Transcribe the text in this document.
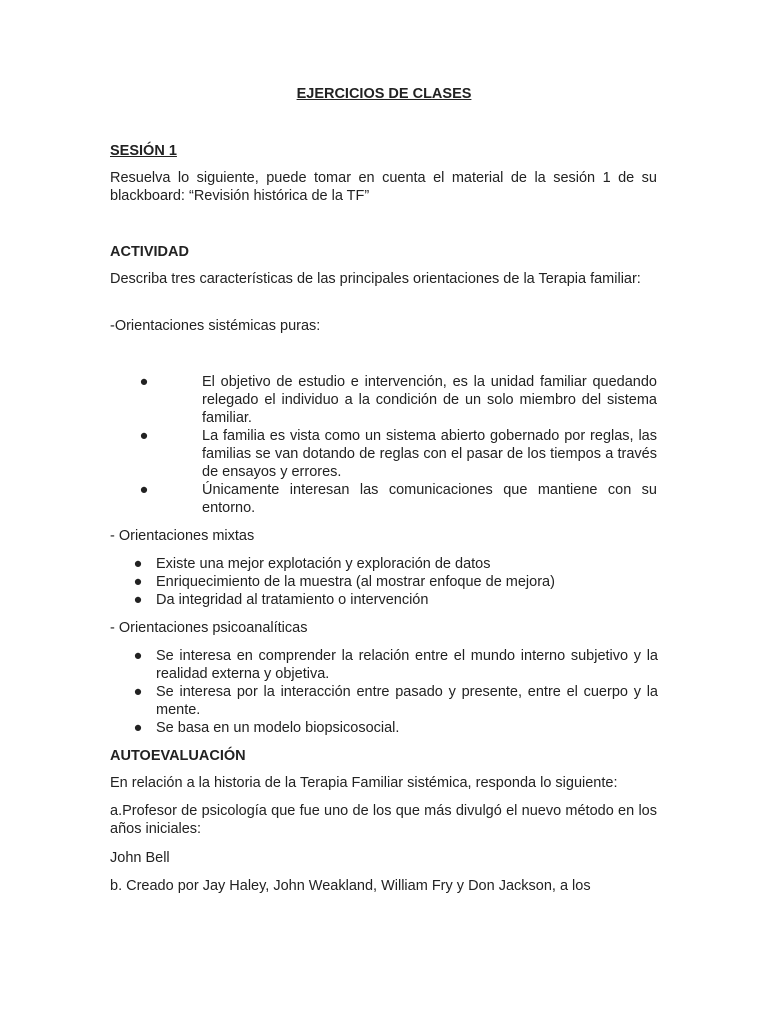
EJERCICIOS DE CLASES
SESIÓN 1
Resuelva lo siguiente, puede tomar en cuenta el material de la sesión 1 de su blackboard: “Revisión histórica de la TF”
ACTIVIDAD
Describa tres características de las principales orientaciones de la Terapia familiar:
-Orientaciones sistémicas puras:
●	El objetivo de estudio e intervención, es la unidad familiar quedando relegado el individuo a la condición de un solo miembro del sistema familiar.
●	La familia es vista como un sistema abierto gobernado por reglas, las familias se van dotando de reglas con el pasar de los tiempos a través de ensayos y errores.
●	Únicamente interesan las comunicaciones que mantiene con su entorno.
- Orientaciones mixtas
● Existe una mejor explotación y exploración de datos
● Enriquecimiento de la muestra (al mostrar enfoque de mejora)
● Da integridad al tratamiento o intervención
- Orientaciones psicoanalíticas
● Se interesa en comprender la relación entre el mundo interno subjetivo y la realidad externa y objetiva.
● Se interesa por la interacción entre pasado y presente, entre el cuerpo y la mente.
● Se basa en un modelo biopsicosocial.
AUTOEVALUACIÓN
En relación a la historia de la Terapia Familiar sistémica, responda lo siguiente:
a.Profesor de psicología que fue uno de los que más divulgó el nuevo método en los años iniciales:
John Bell
b. Creado por Jay Haley, John Weakland, William Fry y Don Jackson, a los
